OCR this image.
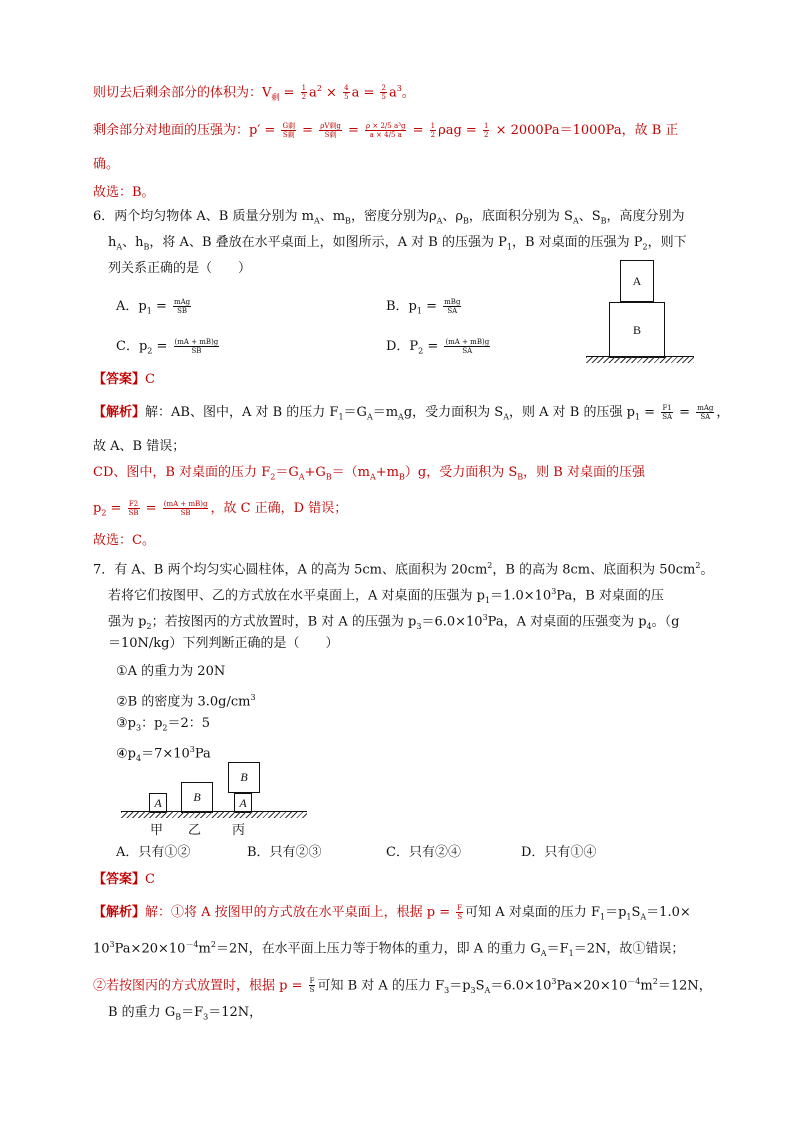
则切去后剩余部分的体积为：$V_剩 = \frac{1}{2} a^2 \times \frac{4}{5}$ $a = \frac{2}{5} a^3$。
剩余部分对地面的压强为：$p' = \frac{\text{G剩}}{\text{S剩}} = \frac{\text{ρV剩g}}{\text{S剩}} = \frac{\text{ρ × 2/5 a³g}}{a \times 4/5 a} = \frac{1}{2}$ $\rho ag = \frac{1}{2} \times 2000Pa=1000Pa$，故 B 正
确。
故选：B。
6．两个均匀物体 A、B 质量分别为 $m_A$、$m_B$，密度分别为$\rho_A$、$\rho_B$，底面积分别为 $S_A$、$S_B$，高度分别为
$h_A$、$h_B$，将 A、B 叠放在水平桌面上，如图所示，A 对 B 的压强为 $P_1$，B 对桌面的压强为 $P_2$，则下
列关系正确的是（　　）
A．$p_1 = \frac{\text{mAg}}{SB}$	B．$p_1 = \frac{\text{mBg}}{SA}$
C．$p_2 = \frac{(mA + mB)g}{SB}$	D．$P_2 = \frac{(mA + mB)g}{SA}$
A
B
【答案】C
【解析】解：AB、图中，A 对 B 的压力 $F_1=G_A=m_Ag$，受力面积为 $S_A$，则 A 对 B 的压强 $p_1 = \frac{F1}{SA} = \frac{\text{mAg}}{SA}$ ，
故 A、B 错误；
CD、图中，B 对桌面的压力 $F_2=G_A+G_B=(m_A+m_B)g$，受力面积为 $S_B$，则 B 对桌面的压强
$p_2 = \frac{F2}{SB} = \frac{(mA + mB)g}{SB}$ ，故 C 正确，D 错误；
故选：C。
7．有 A、B 两个均匀实心圆柱体，A 的高为 5cm、底面积为 $20cm^2$，B 的高为 8cm、底面积为 $50cm^2$。
若将它们按图甲、乙的方式放在水平桌面上，A 对桌面的压强为 $p_1=1.0\times 10^3Pa$，B 对桌面的压
强为 $p_2$；若按图丙的方式放置时，B 对 A 的压强为 $p_3=6.0\times 10^3Pa$，A 对桌面的压强变为 $p_4$。（g
＝10N/kg）下列判断正确的是（　　）
①A 的重力为 20N
②B 的密度为 $3.0g/cm^3$
$③p_3$：$p_2=2$：5
$④p_4=7\times 10^3Pa$
A	B
B
A
甲 乙 丙
A．只有①②	B．只有②③	C．只有②④	D．只有①④
【答案】C
【解析】解：①将 A 按图甲的方式放在水平桌面上，根据 $p = \frac{F}{S}$ 可知 A 对桌面的压力 $F_1=p_1S_A=1.0\times$
$10^3Pa\times 20\times 10^{-4}m^2=2N$，在水平面上压力等于物体的重力，即 A 的重力 $G_A=F_1=2N$，故①错误；
②若按图丙的方式放置时，根据 $p = \frac{F}{S}$ 可知 B 对 A 的压力 $F_3=p_3S_A=6.0\times 10^3Pa\times 20\times 10^{-4}m^2=12N$，
B 的重力 $G_B=F_3=12N$，
